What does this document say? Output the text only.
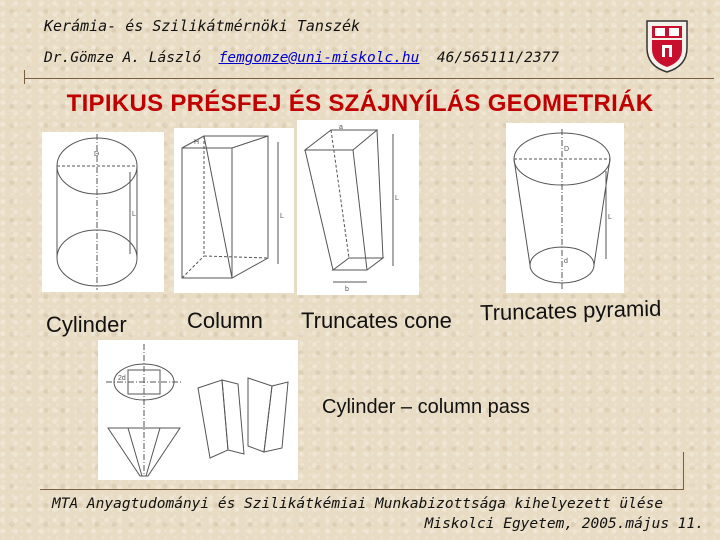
Kerámia- és Szilikátmérnöki Tanszék
Dr.Gömze A. László femgomze@uni-miskolc.hu 46/565111/2377
TIPIKUS PRÉSFEJ ÉS SZÁJNYÍLÁS GEOMETRIÁK
D
L
H
L
a
L
b
D
L
d
Cylinder	Column Truncates cone Truncates pyramid
2d
Cylinder – column pass
MTA Anyagtudományi és Szilikátkémiai Munkabizottsága kihelyezett ülése
Miskolci Egyetem, 2005.május 11.
